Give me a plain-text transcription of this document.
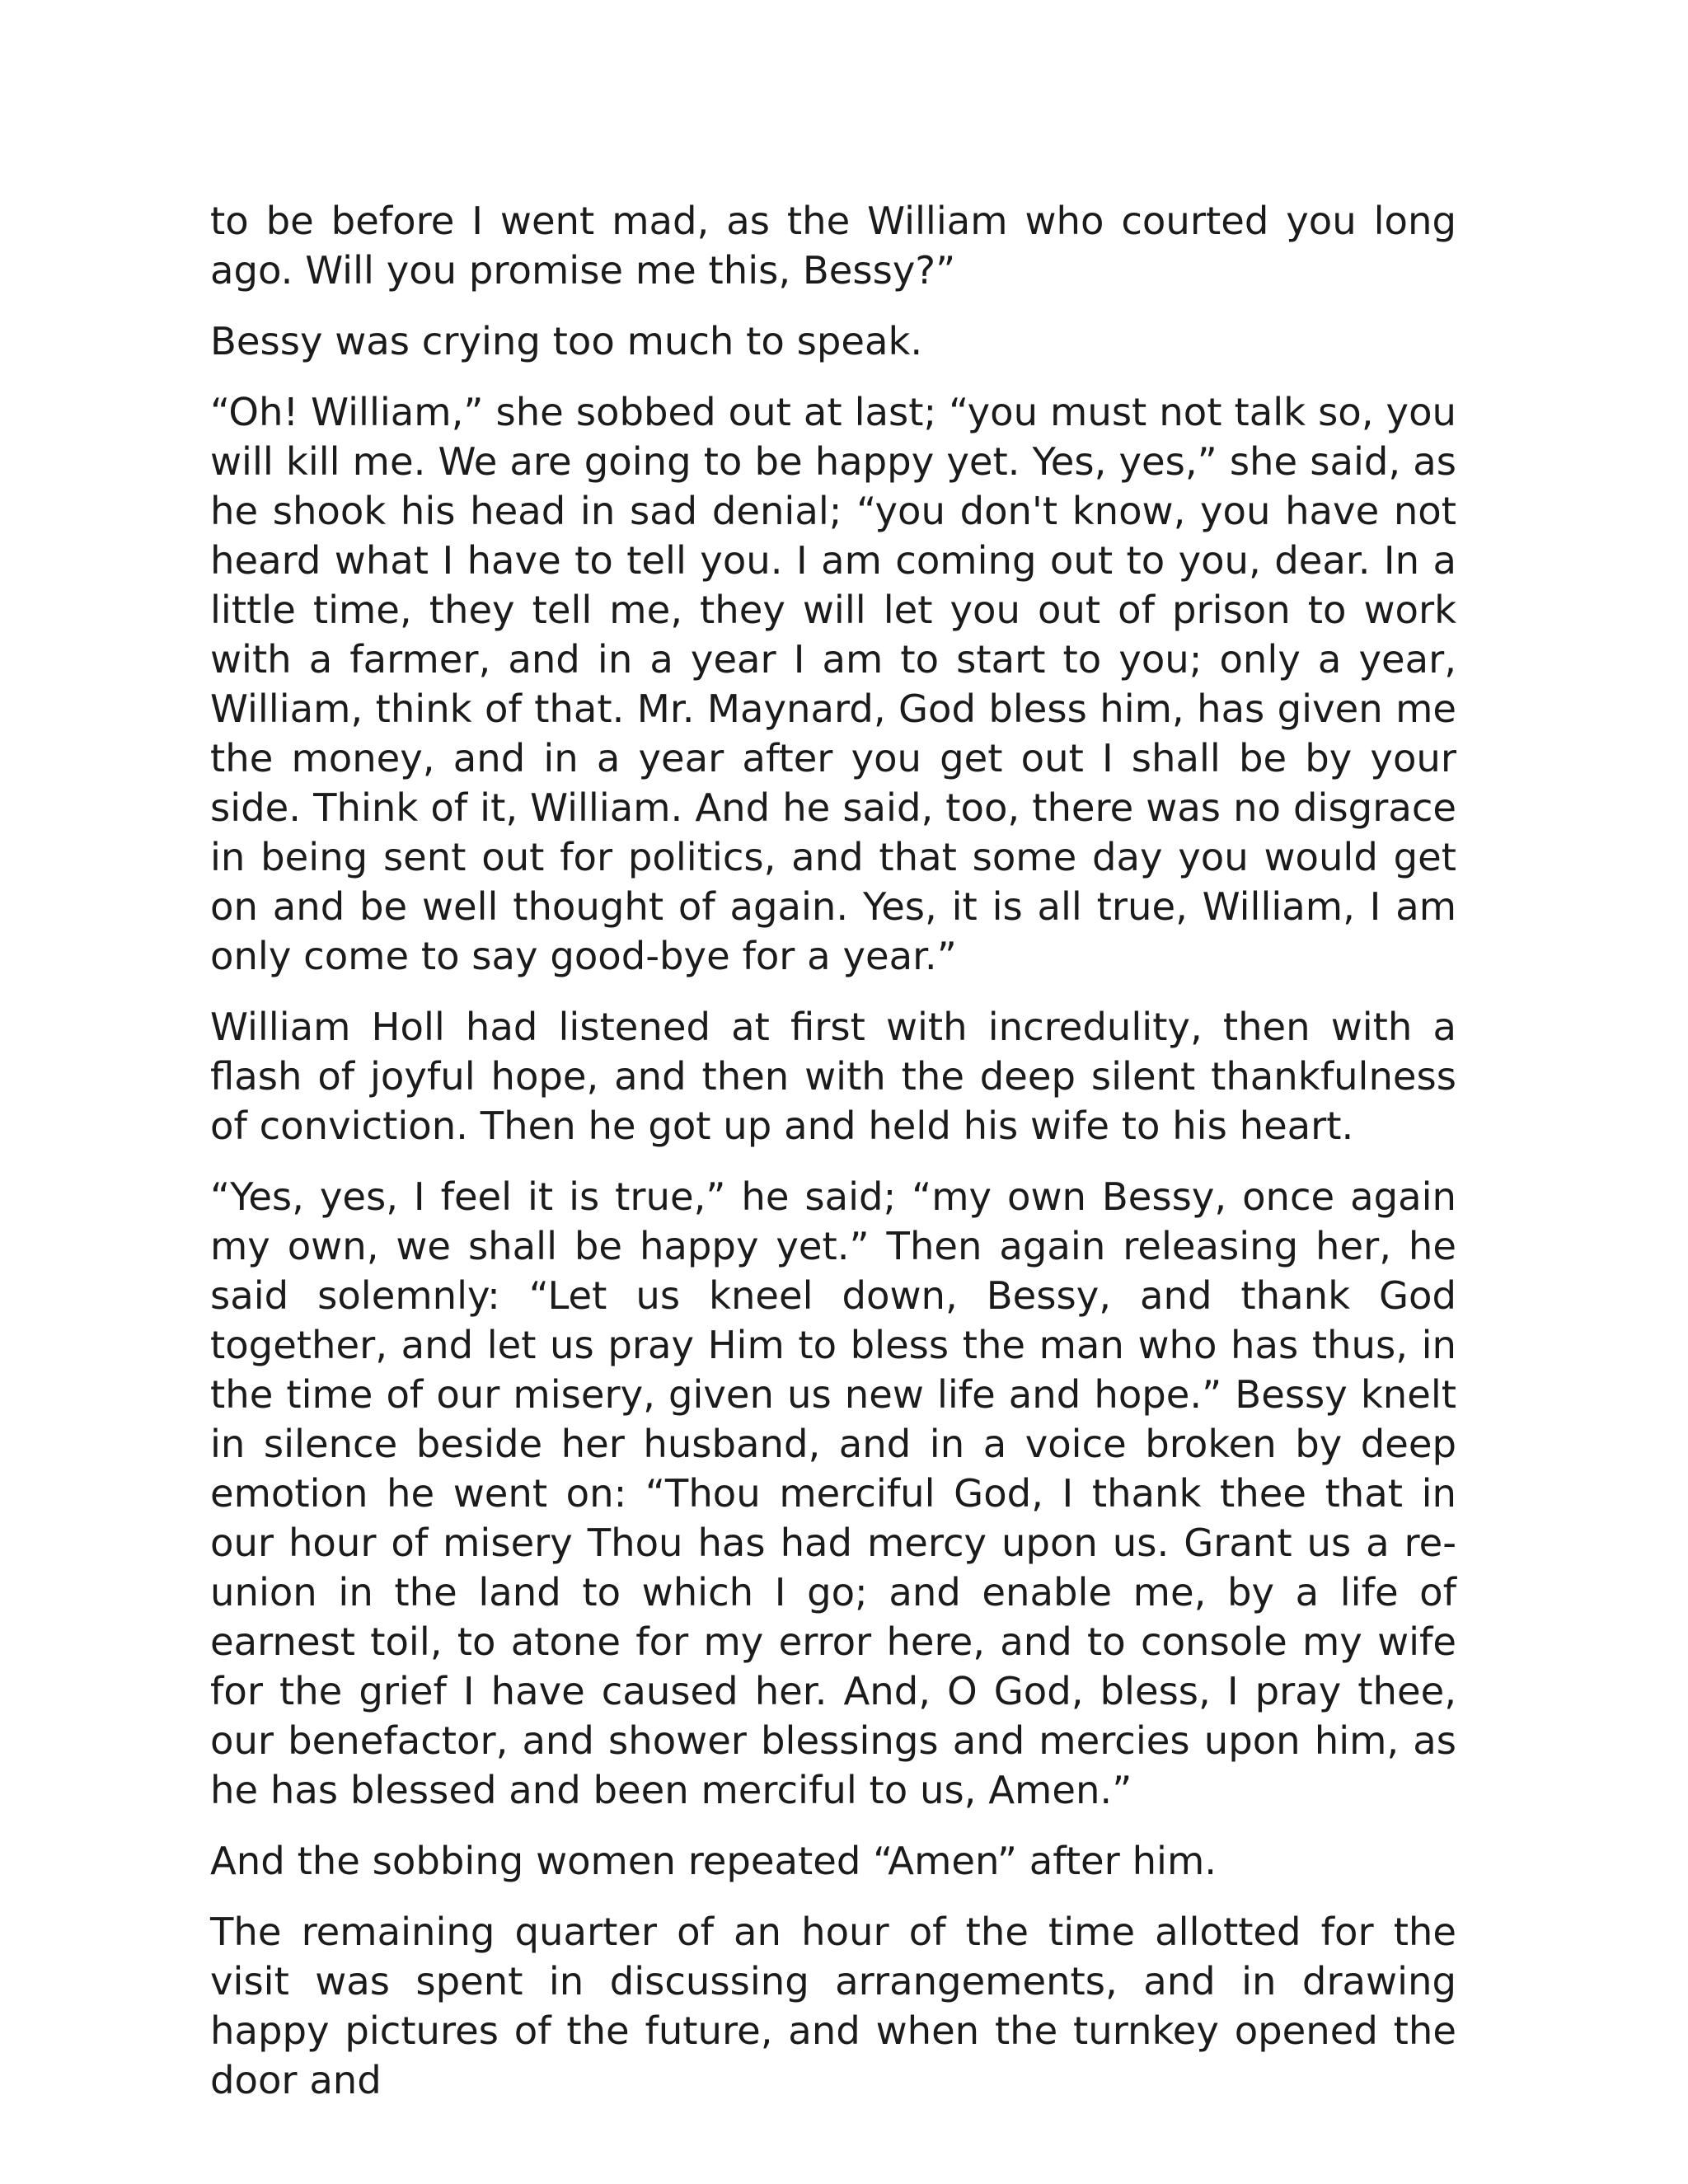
to be before I went mad, as the William who courted you long ago. Will you promise me this, Bessy?”

Bessy was crying too much to speak.

“Oh! William,” she sobbed out at last; “you must not talk so, you will kill me. We are going to be happy yet. Yes, yes,” she said, as he shook his head in sad denial; “you don't know, you have not heard what I have to tell you. I am coming out to you, dear. In a little time, they tell me, they will let you out of prison to work with a farmer, and in a year I am to start to you; only a year, William, think of that. Mr. Maynard, God bless him, has given me the money, and in a year after you get out I shall be by your side. Think of it, William. And he said, too, there was no disgrace in being sent out for politics, and that some day you would get on and be well thought of again. Yes, it is all true, William, I am only come to say good-bye for a year.”

William Holl had listened at first with incredulity, then with a flash of joyful hope, and then with the deep silent thankfulness of conviction. Then he got up and held his wife to his heart.

“Yes, yes, I feel it is true,” he said; “my own Bessy, once again my own, we shall be happy yet.” Then again releasing her, he said solemnly: “Let us kneel down, Bessy, and thank God together, and let us pray Him to bless the man who has thus, in the time of our misery, given us new life and hope.” Bessy knelt in silence beside her husband, and in a voice broken by deep emotion he went on: “Thou merciful God, I thank thee that in our hour of misery Thou has had mercy upon us. Grant us a re-union in the land to which I go; and enable me, by a life of earnest toil, to atone for my error here, and to console my wife for the grief I have caused her. And, O God, bless, I pray thee, our benefactor, and shower blessings and mercies upon him, as he has blessed and been merciful to us, Amen.”

And the sobbing women repeated “Amen” after him.

The remaining quarter of an hour of the time allotted for the visit was spent in discussing arrangements, and in drawing happy pictures of the future, and when the turnkey opened the door and
